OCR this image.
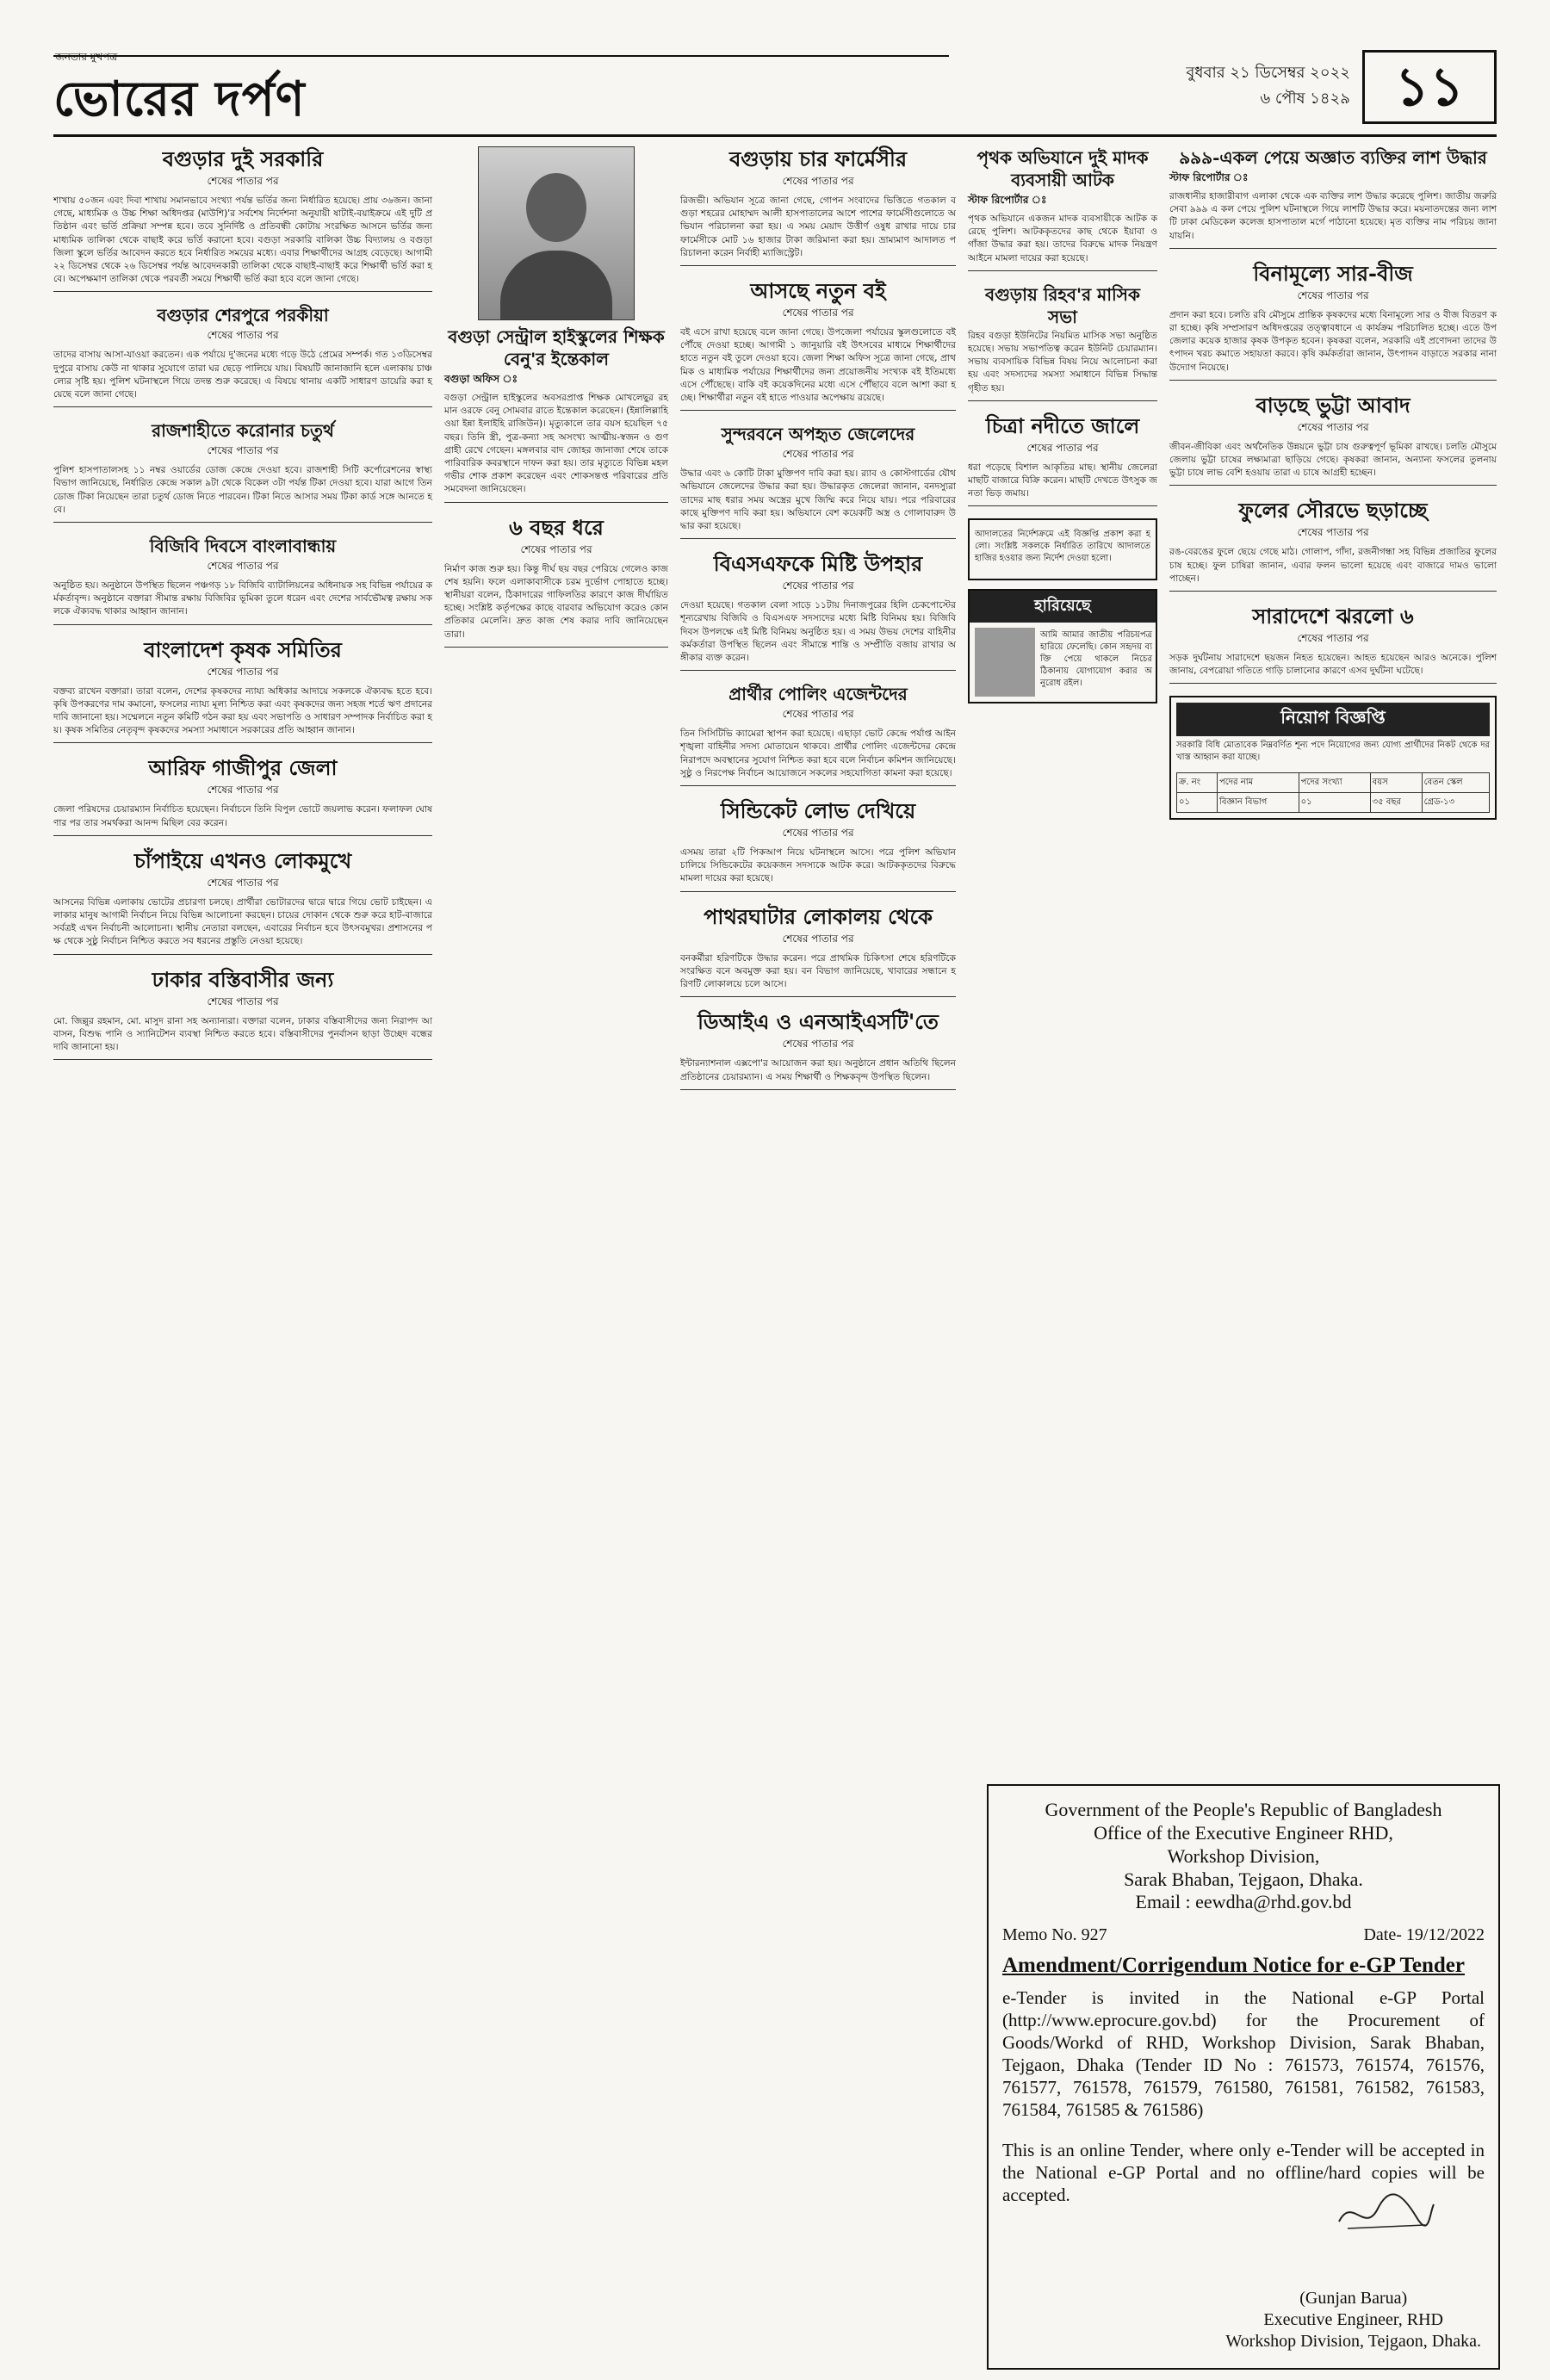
জনতার মুখপত্র
ভোরের দর্পণ	বুধবার ২১ ডিসেম্বর ২০২২
৬ পৌষ ১৪২৯ ১১
বগুড়ার দুই সরকারি
শেষের পাতার পর

শাখায় ৫০জন এবং দিবা শাখায় সমানভাবে সংখ্যা পর্যন্ত ভর্তির জন্য নির্ধারিত হয়েছে। প্রায় ৩৬জন। জানা গেছে, মাধ্যমিক ও উচ্চ শিক্ষা অধিদপ্তর (মাউশি)'র সর্বশেষ নির্দেশনা অনুযায়ী ষাটাই-বয়াইক্রমে এই দুটি প্রতিষ্ঠান এবং ভর্তি প্রক্রিয়া সম্পন্ন হবে। তবে সুনির্দিষ্ট ও প্রতিবন্ধী কোটায় সংরক্ষিত আসনে ভর্তির জন্য মাধ্যমিক তালিকা থেকে বাছাই করে ভর্তি করানো হবে। বগুড়া সরকারি বালিকা উচ্চ বিদ্যালয় ও বগুড়া জিলা স্কুলে ভর্তির আবেদন করতে হবে নির্ধারিত সময়ের মধ্যে। এবার শিক্ষার্থীদের আগ্রহ বেড়েছে। আগামী ২২ ডিসেম্বর থেকে ২৬ ডিসেম্বর পর্যন্ত আবেদনকারী তালিকা থেকে বাছাই-বাছাই করে শিক্ষার্থী ভর্তি করা হবে। অপেক্ষমাণ তালিকা থেকে পরবর্তী সময়ে শিক্ষার্থী ভর্তি করা হবে বলে জানা গেছে।

বগুড়ার শেরপুরে পরকীয়া
শেষের পাতার পর

তাদের বাসায় আসা-যাওয়া করতেন। এক পর্যায়ে দু'জনের মধ্যে গড়ে উঠে প্রেমের সম্পর্ক। গত ১৩ডিসেম্বর দুপুরে বাসায় কেউ না থাকার সুযোগে তারা ঘর ছেড়ে পালিয়ে যায়। বিষয়টি জানাজানি হলে এলাকায় চাঞ্চল্যের সৃষ্টি হয়। পুলিশ ঘটনাস্থলে গিয়ে তদন্ত শুরু করেছে। এ বিষয়ে থানায় একটি সাধারণ ডায়েরি করা হয়েছে বলে জানা গেছে।

রাজশাহীতে করোনার চতুর্থ
শেষের পাতার পর

পুলিশ হাসপাতালসহ ১১ নম্বর ওয়ার্ডের ডোজ কেন্দ্রে দেওয়া হবে। রাজশাহী সিটি কর্পোরেশনের স্বাস্থ্য বিভাগ জানিয়েছে, নির্ধারিত কেন্দ্রে সকাল ৯টা থেকে বিকেল ৩টা পর্যন্ত টিকা দেওয়া হবে। যারা আগে তিন ডোজ টিকা নিয়েছেন তারা চতুর্থ ডোজ নিতে পারবেন। টিকা নিতে আসার সময় টিকা কার্ড সঙ্গে আনতে হবে।

বিজিবি দিবসে বাংলাবান্ধায়
শেষের পাতার পর

অনুষ্ঠিত হয়। অনুষ্ঠানে উপস্থিত ছিলেন পঞ্চগড় ১৮ বিজিবি ব্যাটালিয়নের অধিনায়ক সহ বিভিন্ন পর্যায়ের কর্মকর্তাবৃন্দ। অনুষ্ঠানে বক্তারা সীমান্ত রক্ষায় বিজিবির ভূমিকা তুলে ধরেন এবং দেশের সার্বভৌমত্ব রক্ষায় সকলকে ঐক্যবদ্ধ থাকার আহ্বান জানান।

বাংলাদেশ কৃষক সমিতির
শেষের পাতার পর

বক্তব্য রাখেন বক্তারা। তারা বলেন, দেশের কৃষকদের ন্যায্য অধিকার আদায়ে সকলকে ঐক্যবদ্ধ হতে হবে। কৃষি উপকরণের দাম কমানো, ফসলের ন্যায্য মূল্য নিশ্চিত করা এবং কৃষকদের জন্য সহজ শর্তে ঋণ প্রদানের দাবি জানানো হয়। সম্মেলনে নতুন কমিটি গঠন করা হয় এবং সভাপতি ও সাধারণ সম্পাদক নির্বাচিত করা হয়। কৃষক সমিতির নেতৃবৃন্দ কৃষকদের সমস্যা সমাধানে সরকারের প্রতি আহ্বান জানান।

আরিফ গাজীপুর জেলা
শেষের পাতার পর

জেলা পরিষদের চেয়ারম্যান নির্বাচিত হয়েছেন। নির্বাচনে তিনি বিপুল ভোটে জয়লাভ করেন। ফলাফল ঘোষণার পর তার সমর্থকরা আনন্দ মিছিল বের করেন।

চাঁপাইয়ে এখনও লোকমুখে
শেষের পাতার পর

আসনের বিভিন্ন এলাকায় ভোটের প্রচারণা চলছে। প্রার্থীরা ভোটারদের দ্বারে দ্বারে গিয়ে ভোট চাইছেন। এলাকার মানুষ আগামী নির্বাচন নিয়ে বিভিন্ন আলোচনা করছেন। চায়ের দোকান থেকে শুরু করে হাট-বাজারে সর্বত্রই এখন নির্বাচনী আলোচনা। স্থানীয় নেতারা বলছেন, এবারের নির্বাচন হবে উৎসবমুখর। প্রশাসনের পক্ষ থেকে সুষ্ঠু নির্বাচন নিশ্চিত করতে সব ধরনের প্রস্তুতি নেওয়া হয়েছে।

ঢাকার বস্তিবাসীর জন্য
শেষের পাতার পর

মো. জিল্লুর রহমান, মো. মাসুদ রানা সহ অন্যান্যরা। বক্তারা বলেন, ঢাকার বস্তিবাসীদের জন্য নিরাপদ আবাসন, বিশুদ্ধ পানি ও স্যানিটেশন ব্যবস্থা নিশ্চিত করতে হবে। বস্তিবাসীদের পুনর্বাসন ছাড়া উচ্ছেদ বন্ধের দাবি জানানো হয়।

বগুড়া সেন্ট্রাল হাইস্কুলের শিক্ষক বেনু'র ইন্তেকাল
বগুড়া অফিস ঃ

বগুড়া সেন্ট্রাল হাইস্কুলের অবসরপ্রাপ্ত শিক্ষক মোখলেছুর রহমান ওরফে বেনু সোমবার রাতে ইন্তেকাল করেছেন। (ইন্নালিল্লাহি ওয়া ইন্না ইলাইহি রাজিউন)। মৃত্যুকালে তার বয়স হয়েছিল ৭৫ বছর। তিনি স্ত্রী, পুত্র-কন্যা সহ অসংখ্য আত্মীয়-স্বজন ও গুণগ্রাহী রেখে গেছেন। মঙ্গলবার বাদ জোহর জানাজা শেষে তাকে পারিবারিক কবরস্থানে দাফন করা হয়। তার মৃত্যুতে বিভিন্ন মহল গভীর শোক প্রকাশ করেছেন এবং শোকসন্তপ্ত পরিবারের প্রতি সমবেদনা জানিয়েছেন।

৬ বছর ধরে
শেষের পাতার পর

নির্মাণ কাজ শুরু হয়। কিন্তু দীর্ঘ ছয় বছর পেরিয়ে গেলেও কাজ শেষ হয়নি। ফলে এলাকাবাসীকে চরম দুর্ভোগ পোহাতে হচ্ছে। স্থানীয়রা বলেন, ঠিকাদারের গাফিলতির কারণে কাজ দীর্ঘায়িত হচ্ছে। সংশ্লিষ্ট কর্তৃপক্ষের কাছে বারবার অভিযোগ করেও কোন প্রতিকার মেলেনি। দ্রুত কাজ শেষ করার দাবি জানিয়েছেন তারা।

বগুড়ায় চার ফার্মেসীর
শেষের পাতার পর

রিজভী। অভিযান সূত্রে জানা গেছে, গোপন সংবাদের ভিত্তিতে গতকাল বগুড়া শহরের মোহাম্মদ আলী হাসপাতালের আশে পাশের ফার্মেসীগুলোতে অভিযান পরিচালনা করা হয়। এ সময় মেয়াদ উত্তীর্ণ ওষুধ রাখার দায়ে চার ফার্মেসীকে মোট ১৬ হাজার টাকা জরিমানা করা হয়। ভ্রাম্যমাণ আদালত পরিচালনা করেন নির্বাহী ম্যাজিস্ট্রেট।

আসছে নতুন বই
শেষের পাতার পর

বই এসে রাখা হয়েছে বলে জানা গেছে। উপজেলা পর্যায়ের স্কুলগুলোতে বই পৌঁছে দেওয়া হচ্ছে। আগামী ১ জানুয়ারি বই উৎসবের মাধ্যমে শিক্ষার্থীদের হাতে নতুন বই তুলে দেওয়া হবে। জেলা শিক্ষা অফিস সূত্রে জানা গেছে, প্রাথমিক ও মাধ্যমিক পর্যায়ের শিক্ষার্থীদের জন্য প্রয়োজনীয় সংখ্যক বই ইতিমধ্যে এসে পৌঁছেছে। বাকি বই কয়েকদিনের মধ্যে এসে পৌঁছাবে বলে আশা করা হচ্ছে। শিক্ষার্থীরা নতুন বই হাতে পাওয়ার অপেক্ষায় রয়েছে।

সুন্দরবনে অপহৃত জেলেদের
শেষের পাতার পর

উদ্ধার এবং ৬ কোটি টাকা মুক্তিপণ দাবি করা হয়। র‍্যাব ও কোস্টগার্ডের যৌথ অভিযানে জেলেদের উদ্ধার করা হয়। উদ্ধারকৃত জেলেরা জানান, বনদস্যুরা তাদের মাছ ধরার সময় অস্ত্রের মুখে জিম্মি করে নিয়ে যায়। পরে পরিবারের কাছে মুক্তিপণ দাবি করা হয়। অভিযানে বেশ কয়েকটি অস্ত্র ও গোলাবারুদ উদ্ধার করা হয়েছে।

বিএসএফকে মিষ্টি উপহার
শেষের পাতার পর

দেওয়া হয়েছে। গতকাল বেলা সাড়ে ১১টায় দিনাজপুরের হিলি চেকপোস্টের শূন্যরেখায় বিজিবি ও বিএসএফ সদস্যদের মধ্যে মিষ্টি বিনিময় হয়। বিজিবি দিবস উপলক্ষে এই মিষ্টি বিনিময় অনুষ্ঠিত হয়। এ সময় উভয় দেশের বাহিনীর কর্মকর্তারা উপস্থিত ছিলেন এবং সীমান্তে শান্তি ও সম্প্রীতি বজায় রাখার অঙ্গীকার ব্যক্ত করেন।

প্রার্থীর পোলিং এজেন্টদের
শেষের পাতার পর

তিন সিসিটিভি ক্যামেরা স্থাপন করা হয়েছে। এছাড়া ভোট কেন্দ্রে পর্যাপ্ত আইনশৃঙ্খলা বাহিনীর সদস্য মোতায়েন থাকবে। প্রার্থীর পোলিং এজেন্টদের কেন্দ্রে নিরাপদে অবস্থানের সুযোগ নিশ্চিত করা হবে বলে নির্বাচন কমিশন জানিয়েছে। সুষ্ঠু ও নিরপেক্ষ নির্বাচন আয়োজনে সকলের সহযোগিতা কামনা করা হয়েছে।

সিন্ডিকেট লোভ দেখিয়ে
শেষের পাতার পর

এসময় তারা ২টি পিকআপ নিয়ে ঘটনাস্থলে আসে। পরে পুলিশ অভিযান চালিয়ে সিন্ডিকেটের কয়েকজন সদস্যকে আটক করে। আটককৃতদের বিরুদ্ধে মামলা দায়ের করা হয়েছে।

পাথরঘাটার লোকালয় থেকে
শেষের পাতার পর

বনকর্মীরা হরিণটিকে উদ্ধার করেন। পরে প্রাথমিক চিকিৎসা শেষে হরিণটিকে সংরক্ষিত বনে অবমুক্ত করা হয়। বন বিভাগ জানিয়েছে, খাবারের সন্ধানে হরিণটি লোকালয়ে চলে আসে।

ডিআইএ ও এনআইএসটি'তে
শেষের পাতার পর

ইন্টারন্যাশনাল এক্সপো'র আয়োজন করা হয়। অনুষ্ঠানে প্রধান অতিথি ছিলেন প্রতিষ্ঠানের চেয়ারম্যান। এ সময় শিক্ষার্থী ও শিক্ষকবৃন্দ উপস্থিত ছিলেন।

পৃথক অভিযানে দুই মাদক ব্যবসায়ী আটক
স্টাফ রিপোর্টার ঃ

পৃথক অভিযানে একজন মাদক ব্যবসায়ীকে আটক করেছে পুলিশ। আটককৃতদের কাছ থেকে ইয়াবা ও গাঁজা উদ্ধার করা হয়। তাদের বিরুদ্ধে মাদক নিয়ন্ত্রণ আইনে মামলা দায়ের করা হয়েছে।

বগুড়ায় রিহব'র মাসিক সভা

রিহব বগুড়া ইউনিটের নিয়মিত মাসিক সভা অনুষ্ঠিত হয়েছে। সভায় সভাপতিত্ব করেন ইউনিট চেয়ারম্যান। সভায় ব্যবসায়িক বিভিন্ন বিষয় নিয়ে আলোচনা করা হয় এবং সদস্যদের সমস্যা সমাধানে বিভিন্ন সিদ্ধান্ত গৃহীত হয়।

চিত্রা নদীতে জালে
শেষের পাতার পর

ধরা পড়েছে বিশাল আকৃতির মাছ। স্থানীয় জেলেরা মাছটি বাজারে বিক্রি করেন। মাছটি দেখতে উৎসুক জনতা ভিড় জমায়।

আদালতের নির্দেশক্রমে এই বিজ্ঞপ্তি প্রকাশ করা হলো। সংশ্লিষ্ট সকলকে নির্ধারিত তারিখে আদালতে হাজির হওয়ার জন্য নির্দেশ দেওয়া হলো।

হারিয়েছে

আমি আমার জাতীয় পরিচয়পত্র হারিয়ে ফেলেছি। কোন সহৃদয় ব্যক্তি পেয়ে থাকলে নিচের ঠিকানায় যোগাযোগ করার অনুরোধ রইল।

৯৯৯-একল পেয়ে অজ্ঞাত ব্যক্তির লাশ উদ্ধার
স্টাফ রিপোর্টার ঃ

রাজধানীর হাজারীবাগ এলাকা থেকে এক ব্যক্তির লাশ উদ্ধার করেছে পুলিশ। জাতীয় জরুরি সেবা ৯৯৯ এ কল পেয়ে পুলিশ ঘটনাস্থলে গিয়ে লাশটি উদ্ধার করে। ময়নাতদন্তের জন্য লাশটি ঢাকা মেডিকেল কলেজ হাসপাতাল মর্গে পাঠানো হয়েছে। মৃত ব্যক্তির নাম পরিচয় জানা যায়নি।

বিনামূল্যে সার-বীজ
শেষের পাতার পর

প্রদান করা হবে। চলতি রবি মৌসুমে প্রান্তিক কৃষকদের মধ্যে বিনামূল্যে সার ও বীজ বিতরণ করা হচ্ছে। কৃষি সম্প্রসারণ অধিদপ্তরের তত্ত্বাবধানে এ কার্যক্রম পরিচালিত হচ্ছে। এতে উপজেলার কয়েক হাজার কৃষক উপকৃত হবেন। কৃষকরা বলেন, সরকারি এই প্রণোদনা তাদের উৎপাদন খরচ কমাতে সহায়তা করবে। কৃষি কর্মকর্তারা জানান, উৎপাদন বাড়াতে সরকার নানা উদ্যোগ নিয়েছে।

বাড়ছে ভুট্টা আবাদ
শেষের পাতার পর

জীবন-জীবিকা এবং অর্থনৈতিক উন্নয়নে ভুট্টা চাষ গুরুত্বপূর্ণ ভূমিকা রাখছে। চলতি মৌসুমে জেলায় ভুট্টা চাষের লক্ষ্যমাত্রা ছাড়িয়ে গেছে। কৃষকরা জানান, অন্যান্য ফসলের তুলনায় ভুট্টা চাষে লাভ বেশি হওয়ায় তারা এ চাষে আগ্রহী হচ্ছেন।

ফুলের সৌরভে ছড়াচ্ছে
শেষের পাতার পর

রঙ-বেরঙের ফুলে ছেয়ে গেছে মাঠ। গোলাপ, গাঁদা, রজনীগন্ধা সহ বিভিন্ন প্রজাতির ফুলের চাষ হচ্ছে। ফুল চাষিরা জানান, এবার ফলন ভালো হয়েছে এবং বাজারে দামও ভালো পাচ্ছেন।

সারাদেশে ঝরলো ৬
শেষের পাতার পর

সড়ক দুর্ঘটনায় সারাদেশে ছয়জন নিহত হয়েছেন। আহত হয়েছেন আরও অনেকে। পুলিশ জানায়, বেপরোয়া গতিতে গাড়ি চালানোর কারণে এসব দুর্ঘটনা ঘটেছে।

নিয়োগ বিজ্ঞপ্তি

সরকারি বিধি মোতাবেক নিম্নবর্ণিত শূন্য পদে নিয়োগের জন্য যোগ্য প্রার্থীদের নিকট থেকে দরখাস্ত আহ্বান করা যাচ্ছে।

ক্র. নং	পদের নাম	পদের সংখ্যা	বয়স	বেতন স্কেল
০১	বিজ্ঞান বিভাগ	০১	৩৫ বছর	গ্রেড-১৩
Government of the People's Republic of Bangladesh
Office of the Executive Engineer RHD,
Workshop Division,
Sarak Bhaban, Tejgaon, Dhaka.
Email : eewdha@rhd.gov.bd
Memo No. 927	Date- 19/12/2022
Amendment/Corrigendum Notice for e-GP Tender

e-Tender is invited in the National e-GP Portal (http://www.eprocure.gov.bd) for the Procurement of Goods/Workd of RHD, Workshop Division, Sarak Bhaban, Tejgaon, Dhaka (Tender ID No : 761573, 761574, 761576, 761577, 761578, 761579, 761580, 761581, 761582, 761583, 761584, 761585 & 761586)

This is an online Tender, where only e-Tender will be accepted in the National e-GP Portal and no offline/hard copies will be accepted.

(Gunjan Barua)
Executive Engineer, RHD
Workshop Division, Tejgaon, Dhaka.
